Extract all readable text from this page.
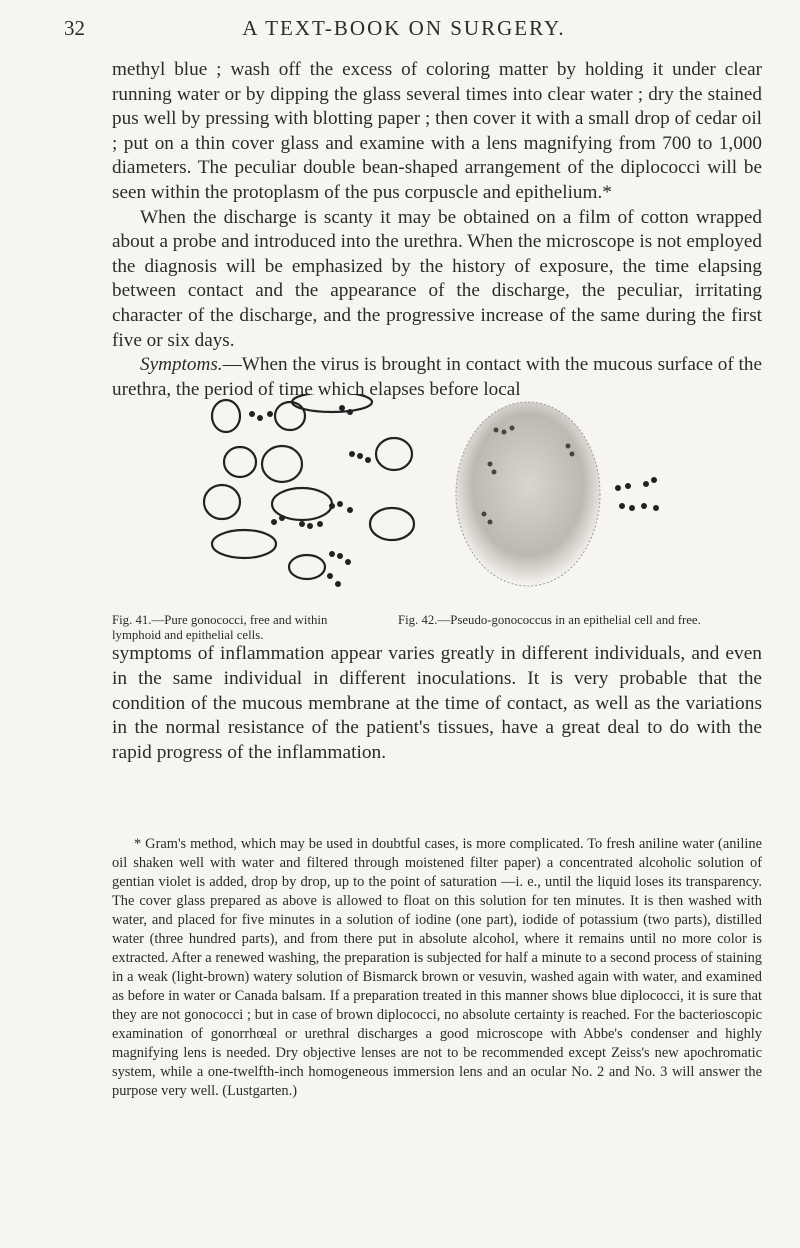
32	A TEXT-BOOK ON SURGERY.

methyl blue ; wash off the excess of coloring matter by holding it under clear running water or by dipping the glass several times into clear water ; dry the stained pus well by pressing with blotting paper ; then cover it with a small drop of cedar oil ; put on a thin cover glass and examine with a lens magnifying from 700 to 1,000 diameters. The peculiar double bean-shaped arrangement of the diplococci will be seen within the protoplasm of the pus corpuscle and epithelium.*

When the discharge is scanty it may be obtained on a film of cotton wrapped about a probe and introduced into the urethra. When the microscope is not employed the diagnosis will be emphasized by the history of exposure, the time elapsing between contact and the appearance of the discharge, the peculiar, irritating character of the discharge, and the progressive increase of the same during the first five or six days.

Symptoms.—When the virus is brought in contact with the mucous surface of the urethra, the period of time which elapses before local

Fig. 41.—Pure gonococci, free and within lymphoid and epithelial cells.
Fig. 42.—Pseudo-gonococcus in an epithelial cell and free.

symptoms of inflammation appear varies greatly in different individuals, and even in the same individual in different inoculations. It is very probable that the condition of the mucous membrane at the time of contact, as well as the variations in the normal resistance of the patient's tissues, have a great deal to do with the rapid progress of the inflammation.

* Gram's method, which may be used in doubtful cases, is more complicated. To fresh aniline water (aniline oil shaken well with water and filtered through moistened filter paper) a concentrated alcoholic solution of gentian violet is added, drop by drop, up to the point of saturation —i. e., until the liquid loses its transparency. The cover glass prepared as above is allowed to float on this solution for ten minutes. It is then washed with water, and placed for five minutes in a solution of iodine (one part), iodide of potassium (two parts), distilled water (three hundred parts), and from there put in absolute alcohol, where it remains until no more color is extracted. After a renewed washing, the preparation is subjected for half a minute to a second process of staining in a weak (light-brown) watery solution of Bismarck brown or vesuvin, washed again with water, and examined as before in water or Canada balsam. If a preparation treated in this manner shows blue diplococci, it is sure that they are not gonococci ; but in case of brown diplococci, no absolute certainty is reached. For the bacterioscopic examination of gonorrhœal or urethral discharges a good microscope with Abbe's condenser and highly magnifying lens is needed. Dry objective lenses are not to be recommended except Zeiss's new apochromatic system, while a one-twelfth-inch homogeneous immersion lens and an ocular No. 2 and No. 3 will answer the purpose very well. (Lustgarten.)
